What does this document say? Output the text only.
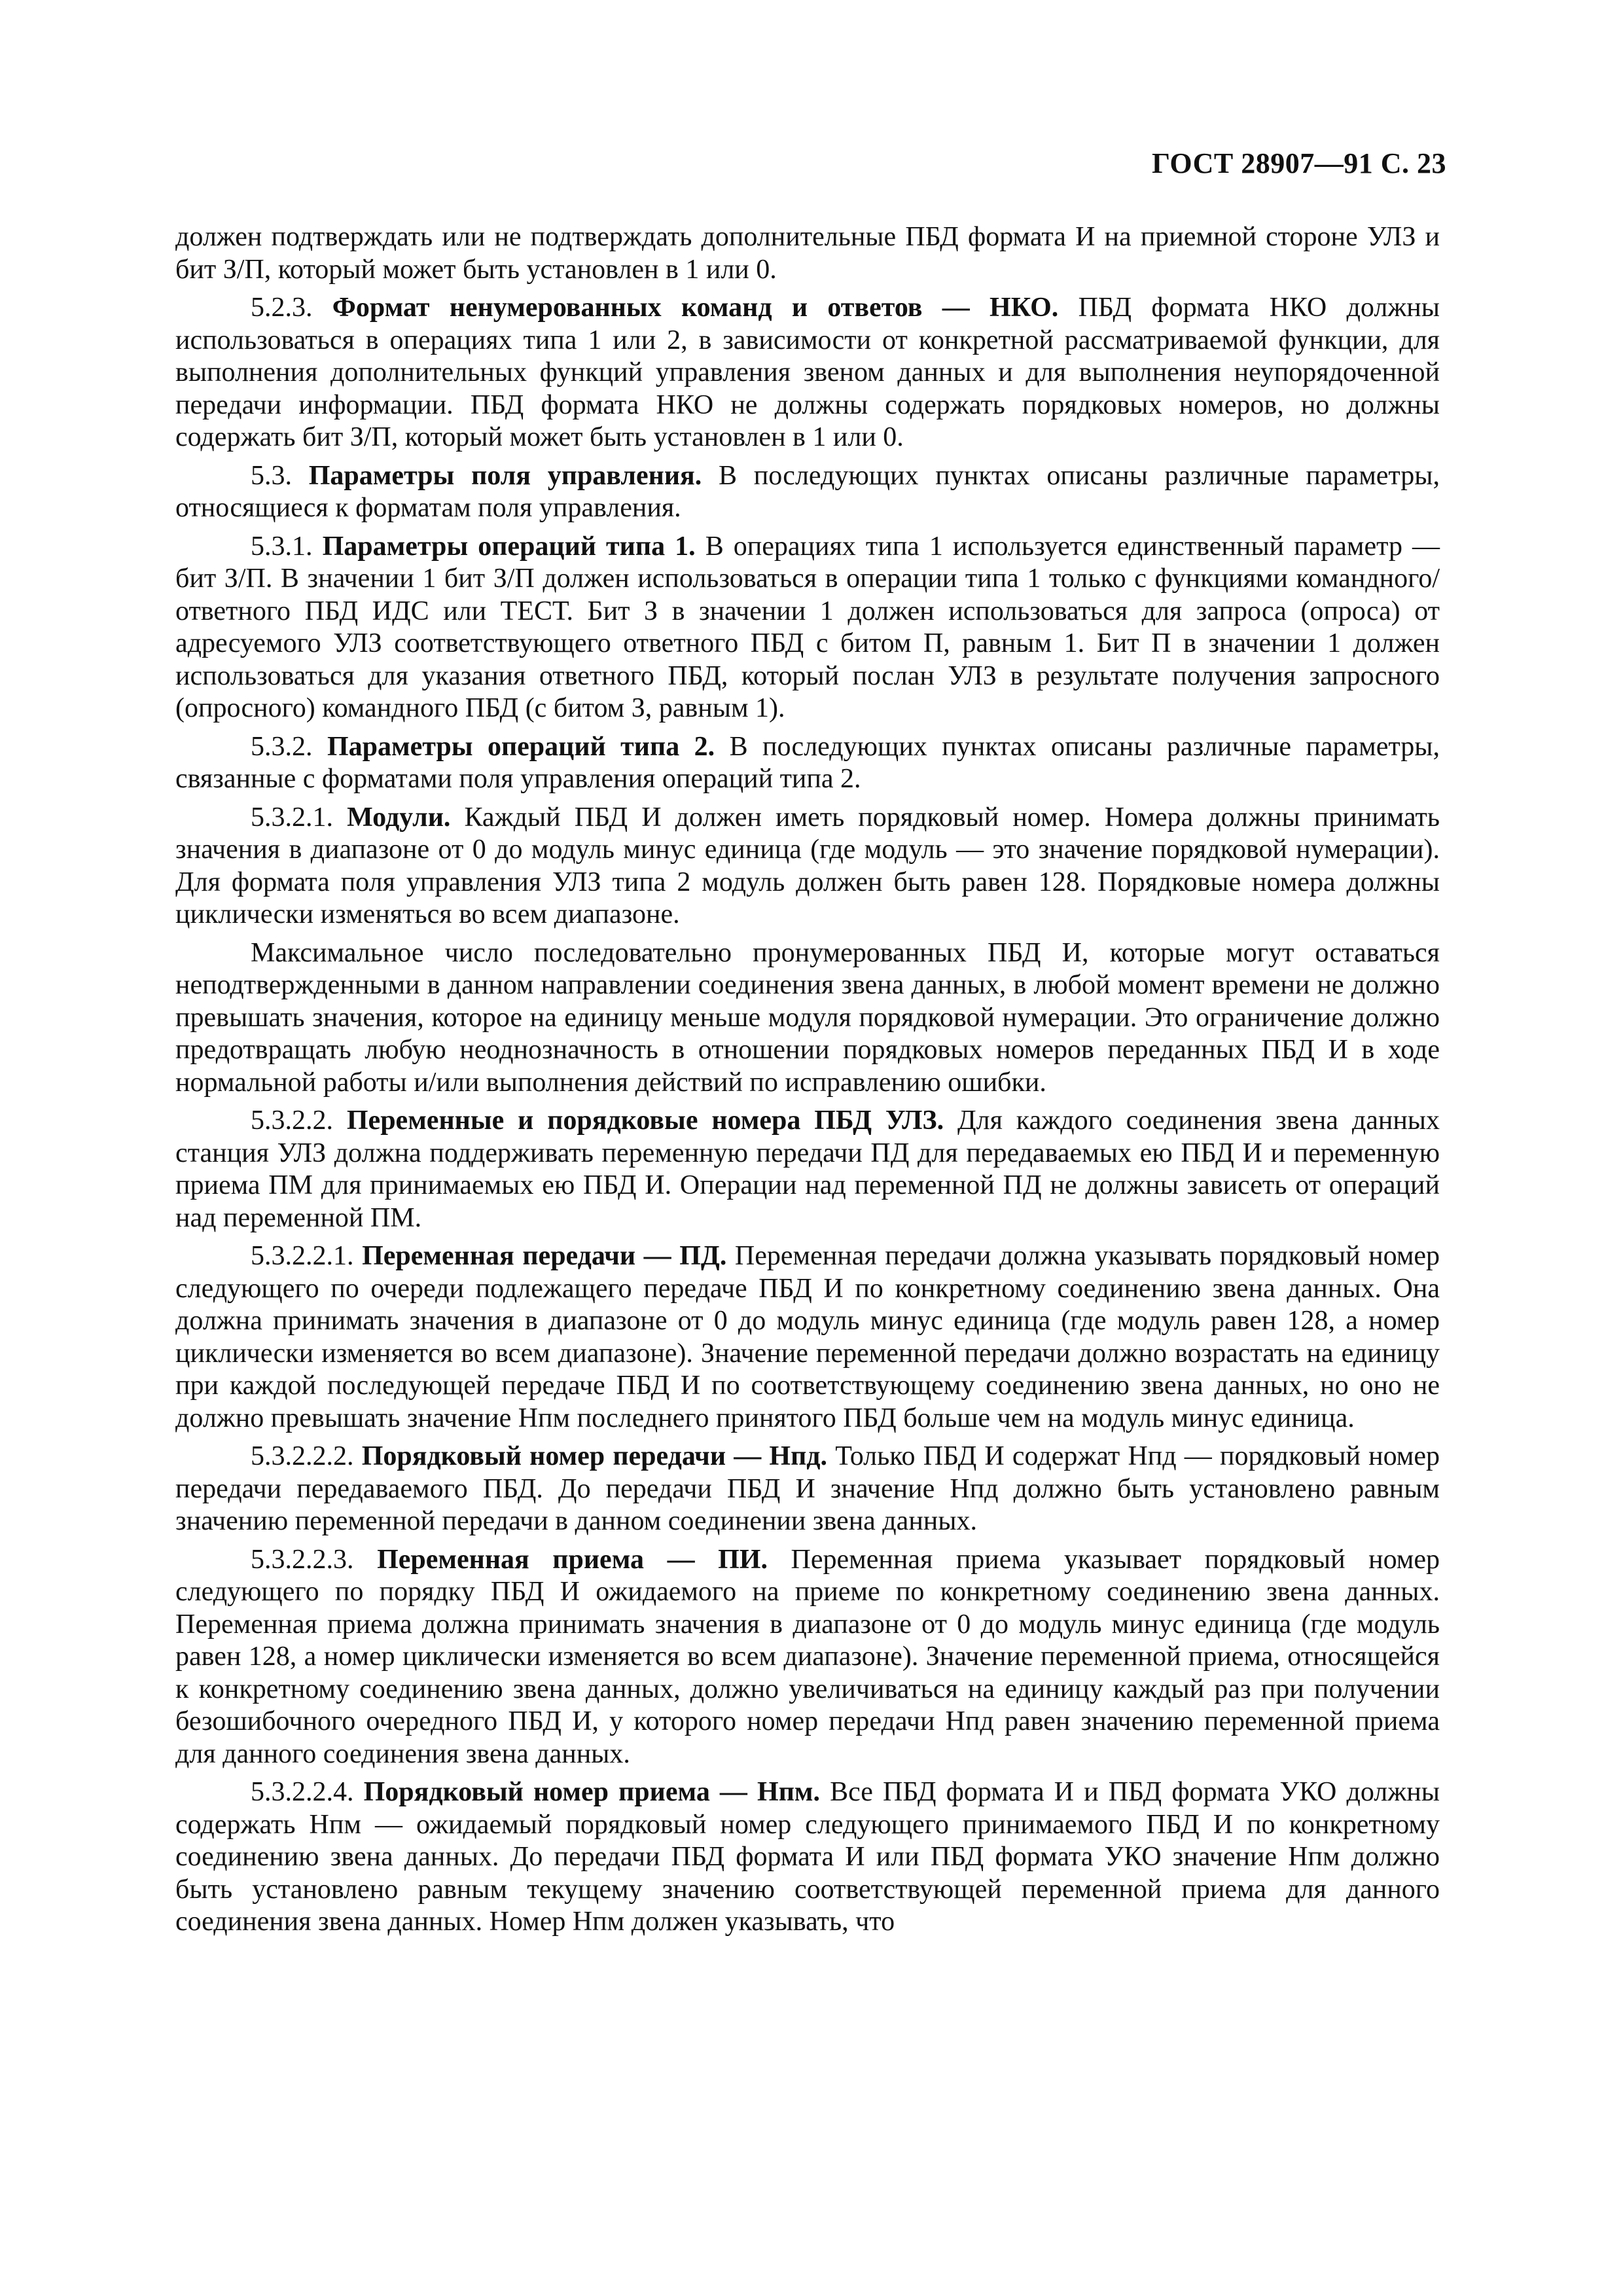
ГОСТ 28907—91 С. 23

должен подтверждать или не подтверждать дополнительные ПБД формата И на приемной стороне УЛЗ и бит З/П, который может быть установлен в 1 или 0.

5.2.3. Формат ненумерованных команд и ответов — НКО. ПБД формата НКО должны использоваться в операциях типа 1 или 2, в зависимости от конкретной рассматриваемой функции, для выполнения дополнительных функций управления звеном данных и для выполнения неупорядоченной передачи информации. ПБД формата НКО не должны содержать порядковых номеров, но должны содержать бит З/П, который может быть установлен в 1 или 0.

5.3. Параметры поля управления. В последующих пунктах описаны различные параметры, относящиеся к форматам поля управления.

5.3.1. Параметры операций типа 1. В операциях типа 1 используется единственный параметр — бит З/П. В значении 1 бит З/П должен использоваться в операции типа 1 только с функциями командного/ответного ПБД ИДС или ТЕСТ. Бит З в значении 1 должен использоваться для запроса (опроса) от адресуемого УЛЗ соответствующего ответного ПБД с битом П, равным 1. Бит П в значении 1 должен использоваться для указания ответного ПБД, который послан УЛЗ в результате получения запросного (опросного) командного ПБД (с битом З, равным 1).

5.3.2. Параметры операций типа 2. В последующих пунктах описаны различные параметры, связанные с форматами поля управления операций типа 2.

5.3.2.1. Модули. Каждый ПБД И должен иметь порядковый номер. Номера должны принимать значения в диапазоне от 0 до модуль минус единица (где модуль — это значение порядковой нумерации). Для формата поля управления УЛЗ типа 2 модуль должен быть равен 128. Порядковые номера должны циклически изменяться во всем диапазоне.

Максимальное число последовательно пронумерованных ПБД И, которые могут оставаться неподтвержденными в данном направлении соединения звена данных, в любой момент времени не должно превышать значения, которое на единицу меньше модуля порядковой нумерации. Это ограничение должно предотвращать любую неоднозначность в отношении порядковых номеров переданных ПБД И в ходе нормальной работы и/или выполнения действий по исправлению ошибки.

5.3.2.2. Переменные и порядковые номера ПБД УЛЗ. Для каждого соединения звена данных станция УЛЗ должна поддерживать переменную передачи ПД для передаваемых ею ПБД И и переменную приема ПМ для принимаемых ею ПБД И. Операции над переменной ПД не должны зависеть от операций над переменной ПМ.

5.3.2.2.1. Переменная передачи — ПД. Переменная передачи должна указывать порядковый номер следующего по очереди подлежащего передаче ПБД И по конкретному соединению звена данных. Она должна принимать значения в диапазоне от 0 до модуль минус единица (где модуль равен 128, а номер циклически изменяется во всем диапазоне). Значение переменной передачи должно возрастать на единицу при каждой последующей передаче ПБД И по соответствующему соединению звена данных, но оно не должно превышать значение Нпм последнего принятого ПБД больше чем на модуль минус единица.

5.3.2.2.2. Порядковый номер передачи — Нпд. Только ПБД И содержат Нпд — порядковый номер передачи передаваемого ПБД. До передачи ПБД И значение Нпд должно быть установлено равным значению переменной передачи в данном соединении звена данных.

5.3.2.2.3. Переменная приема — ПИ. Переменная приема указывает порядковый номер следующего по порядку ПБД И ожидаемого на приеме по конкретному соединению звена данных. Переменная приема должна принимать значения в диапазоне от 0 до модуль минус единица (где модуль равен 128, а номер циклически изменяется во всем диапазоне). Значение переменной приема, относящейся к конкретному соединению звена данных, должно увеличиваться на единицу каждый раз при получении безошибочного очередного ПБД И, у которого номер передачи Нпд равен значению переменной приема для данного соединения звена данных.

5.3.2.2.4. Порядковый номер приема — Нпм. Все ПБД формата И и ПБД формата УКО должны содержать Нпм — ожидаемый порядковый номер следующего принимаемого ПБД И по конкретному соединению звена данных. До передачи ПБД формата И или ПБД формата УКО значение Нпм должно быть установлено равным текущему значению соответствующей переменной приема для данного соединения звена данных. Номер Нпм должен указывать, что
